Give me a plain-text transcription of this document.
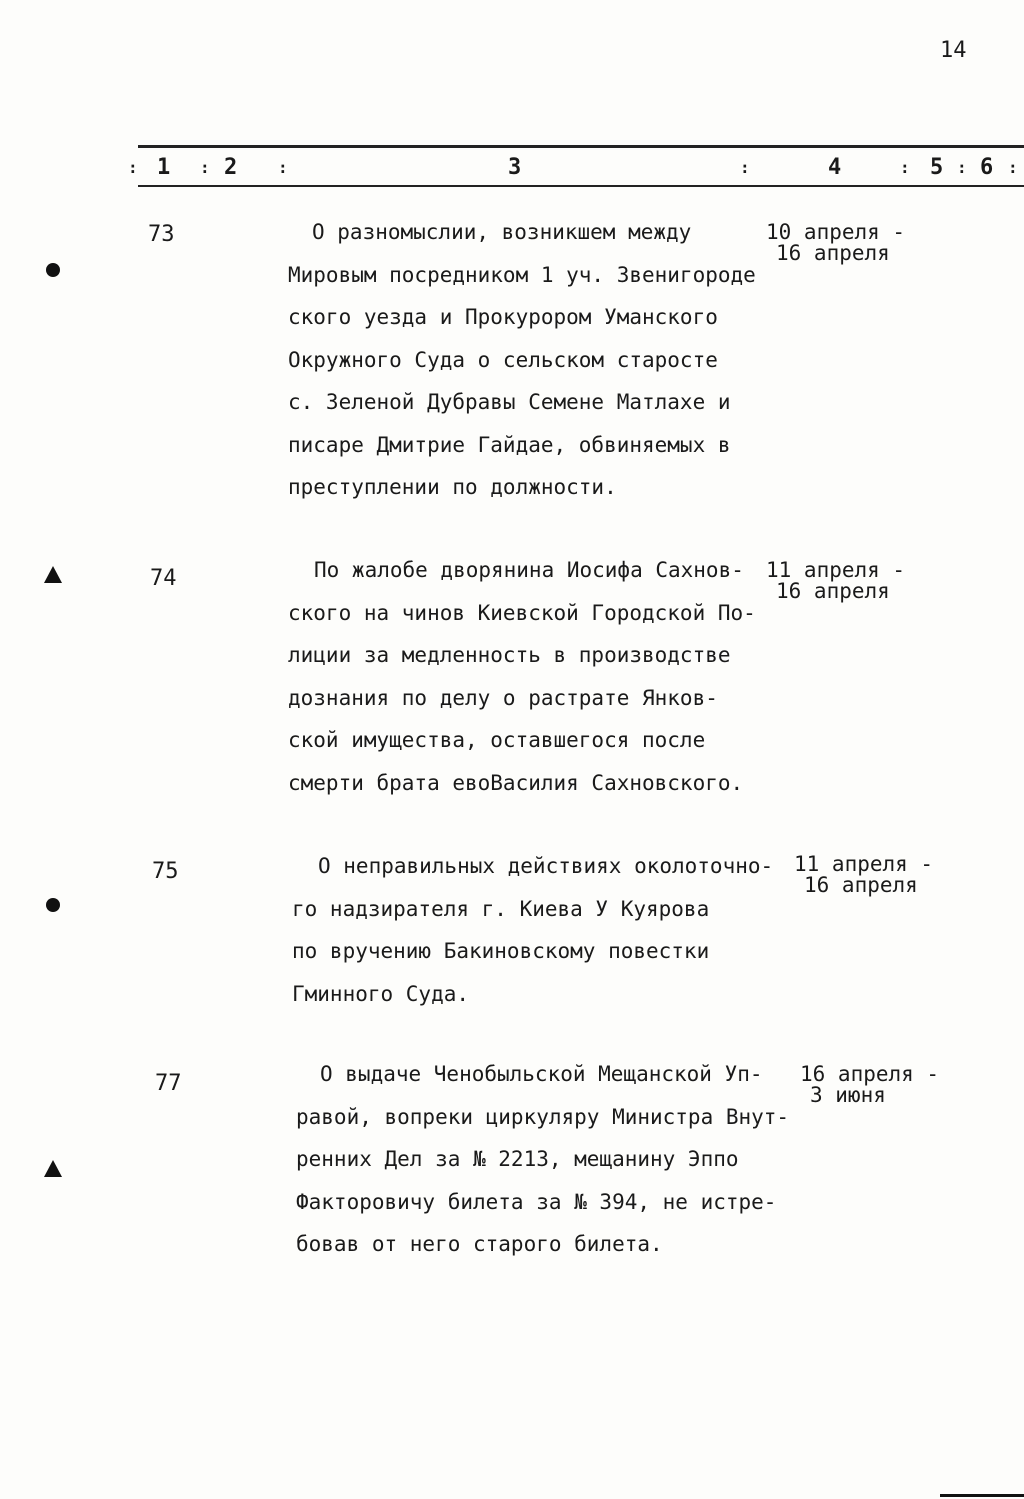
14
: 1 : 2	:	3	:	4	: 5 : 6 :
73	О разномыслии, возникшем между
Мировым посредником 1 уч. Звенигороде
ского уезда и Прокурором Уманского
Окружного Суда о сельском старосте
с. Зеленой Дубравы Семене Матлахе и
писаре Дмитрие Гайдае, обвиняемых в
преступлении по должности.
10 апреля -
16 апреля
74	По жалобе дворянина Иосифа Сахнов-
ского на чинов Киевской Городской По-
лиции за медленность в производстве
дознания по делу о растрате Янков-
ской имущества, оставшегося после
смерти брата евоВасилия Сахновского.
11 апреля -
16 апреля
75	О неправильных действиях околоточно-
го надзирателя г. Киева У Куярова
по вручению Бакиновскому повестки
Гминного Суда.
11 апреля -
16 апреля
77	О выдаче Ченобыльской Мещанской Уп-
равой, вопреки циркуляру Министра Внут-
ренних Дел за № 2213, мещанину Эппо
Факторовичу билета за № 394, не истре-
бовав от него старого билета.
16 апреля -
3 июня
